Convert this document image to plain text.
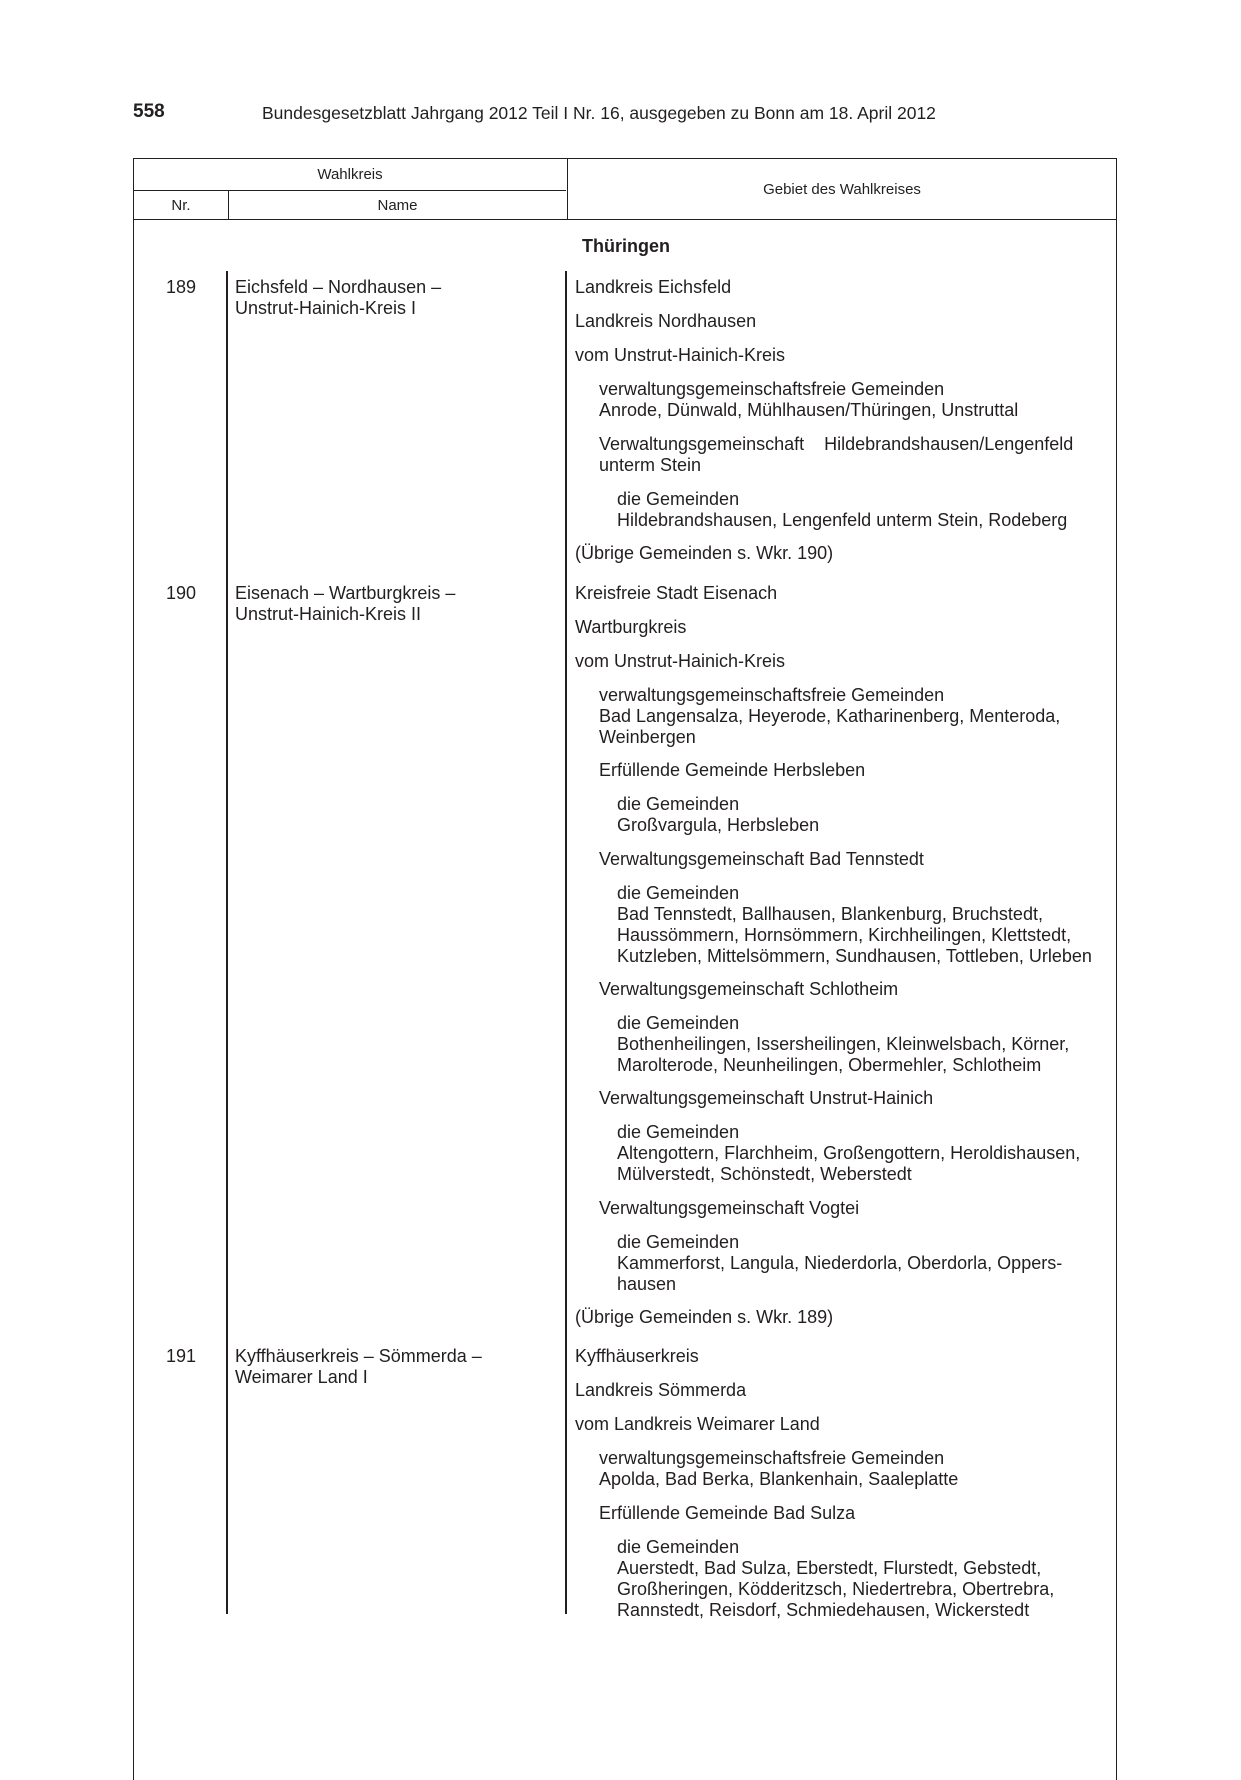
558	Bundesgesetzblatt Jahrgang 2012 Teil I Nr. 16, ausgegeben zu Bonn am 18. April 2012
Wahlkreis
Nr.	Name
Gebiet des Wahlkreises
Thüringen
189 Eichsfeld – Nordhausen –
Unstrut-Hainich-Kreis I
Landkreis Eichsfeld
Landkreis Nordhausen
vom Unstrut-Hainich-Kreis
verwaltungsgemeinschaftsfreie Gemeinden
Anrode, Dünwald, Mühlhausen/Thüringen, Unstruttal
Verwaltungsgemeinschaft    Hildebrandshausen/Lengenfeld
unterm Stein
die Gemeinden
Hildebrandshausen, Lengenfeld unterm Stein, Rodeberg
(Übrige Gemeinden s. Wkr. 190)
190 Eisenach – Wartburgkreis –
Unstrut-Hainich-Kreis II
Kreisfreie Stadt Eisenach
Wartburgkreis
vom Unstrut-Hainich-Kreis
verwaltungsgemeinschaftsfreie Gemeinden
Bad Langensalza, Heyerode, Katharinenberg, Menteroda,
Weinbergen
Erfüllende Gemeinde Herbsleben
die Gemeinden
Großvargula, Herbsleben
Verwaltungsgemeinschaft Bad Tennstedt
die Gemeinden
Bad Tennstedt, Ballhausen, Blankenburg, Bruchstedt,
Haussömmern, Hornsömmern, Kirchheilingen, Klettstedt,
Kutzleben, Mittelsömmern, Sundhausen, Tottleben, Urleben
Verwaltungsgemeinschaft Schlotheim
die Gemeinden
Bothenheilingen, Issersheilingen, Kleinwelsbach, Körner,
Marolterode, Neunheilingen, Obermehler, Schlotheim
Verwaltungsgemeinschaft Unstrut-Hainich
die Gemeinden
Altengottern, Flarchheim, Großengottern, Heroldishausen,
Mülverstedt, Schönstedt, Weberstedt
Verwaltungsgemeinschaft Vogtei
die Gemeinden
Kammerforst, Langula, Niederdorla, Oberdorla, Oppers-
hausen
(Übrige Gemeinden s. Wkr. 189)
191 Kyffhäuserkreis – Sömmerda –
Weimarer Land I
Kyffhäuserkreis
Landkreis Sömmerda
vom Landkreis Weimarer Land
verwaltungsgemeinschaftsfreie Gemeinden
Apolda, Bad Berka, Blankenhain, Saaleplatte
Erfüllende Gemeinde Bad Sulza
die Gemeinden
Auerstedt, Bad Sulza, Eberstedt, Flurstedt, Gebstedt,
Großheringen, Ködderitzsch, Niedertrebra, Obertrebra,
Rannstedt, Reisdorf, Schmiedehausen, Wickerstedt
